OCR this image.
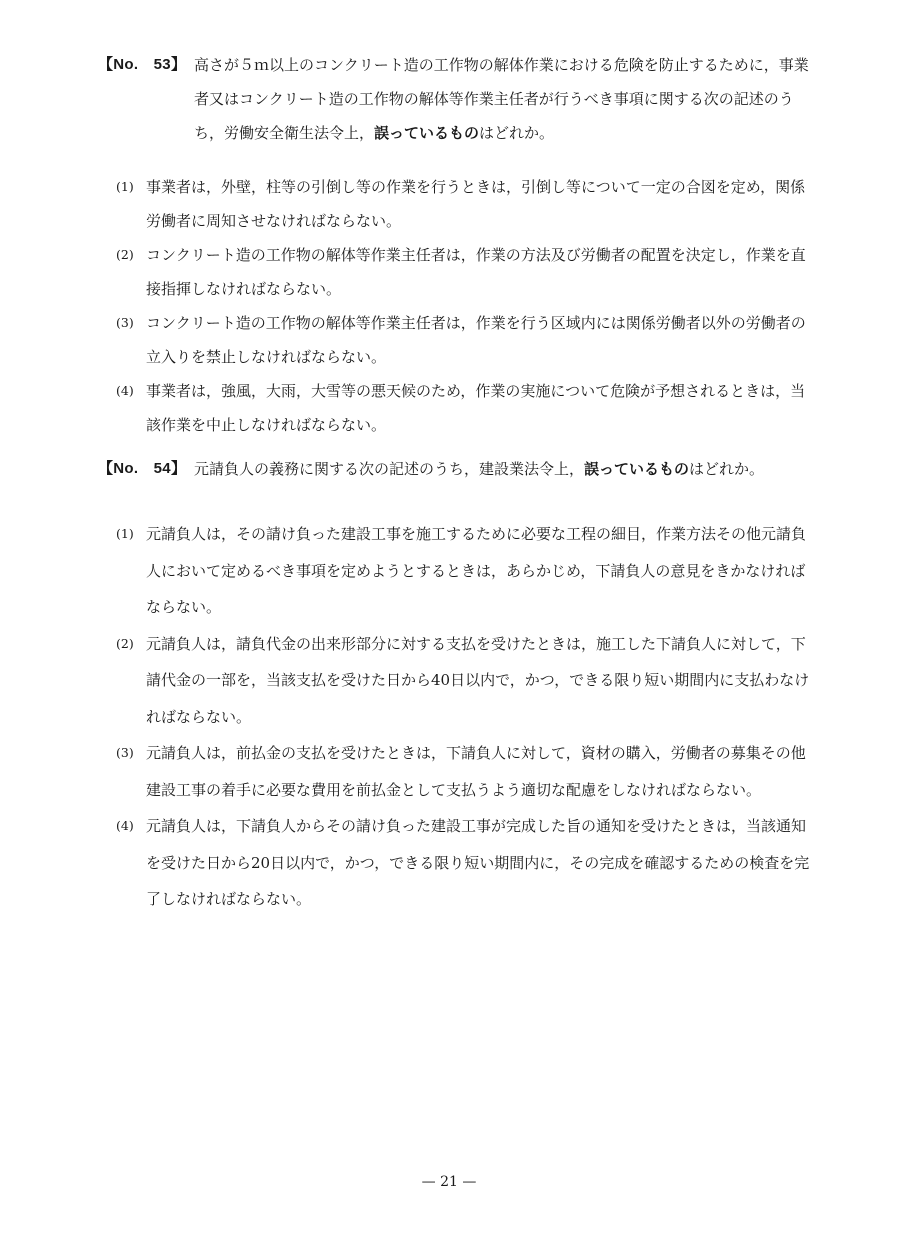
【No.　53】 高さが５ｍ以上のコンクリート造の工作物の解体作業における危険を防止するために，事業者又はコンクリート造の工作物の解体等作業主任者が行うべき事項に関する次の記述のうち，労働安全衛生法令上，誤っているものはどれか。
(1) 事業者は，外壁，柱等の引倒し等の作業を行うときは，引倒し等について一定の合図を定め，関係労働者に周知させなければならない。
(2) コンクリート造の工作物の解体等作業主任者は，作業の方法及び労働者の配置を決定し，作業を直接指揮しなければならない。
(3) コンクリート造の工作物の解体等作業主任者は，作業を行う区域内には関係労働者以外の労働者の立入りを禁止しなければならない。
(4) 事業者は，強風，大雨，大雪等の悪天候のため，作業の実施について危険が予想されるときは，当該作業を中止しなければならない。
【No.　54】 元請負人の義務に関する次の記述のうち，建設業法令上，誤っているものはどれか。
(1) 元請負人は，その請け負った建設工事を施工するために必要な工程の細目，作業方法その他元請負人において定めるべき事項を定めようとするときは，あらかじめ，下請負人の意見をきかなければならない。
(2) 元請負人は，請負代金の出来形部分に対する支払を受けたときは，施工した下請負人に対して，下請代金の一部を，当該支払を受けた日から40日以内で，かつ，できる限り短い期間内に支払わなければならない。
(3) 元請負人は，前払金の支払を受けたときは，下請負人に対して，資材の購入，労働者の募集その他建設工事の着手に必要な費用を前払金として支払うよう適切な配慮をしなければならない。
(4) 元請負人は，下請負人からその請け負った建設工事が完成した旨の通知を受けたときは，当該通知を受けた日から20日以内で，かつ，できる限り短い期間内に，その完成を確認するための検査を完了しなければならない。
— 21 —
